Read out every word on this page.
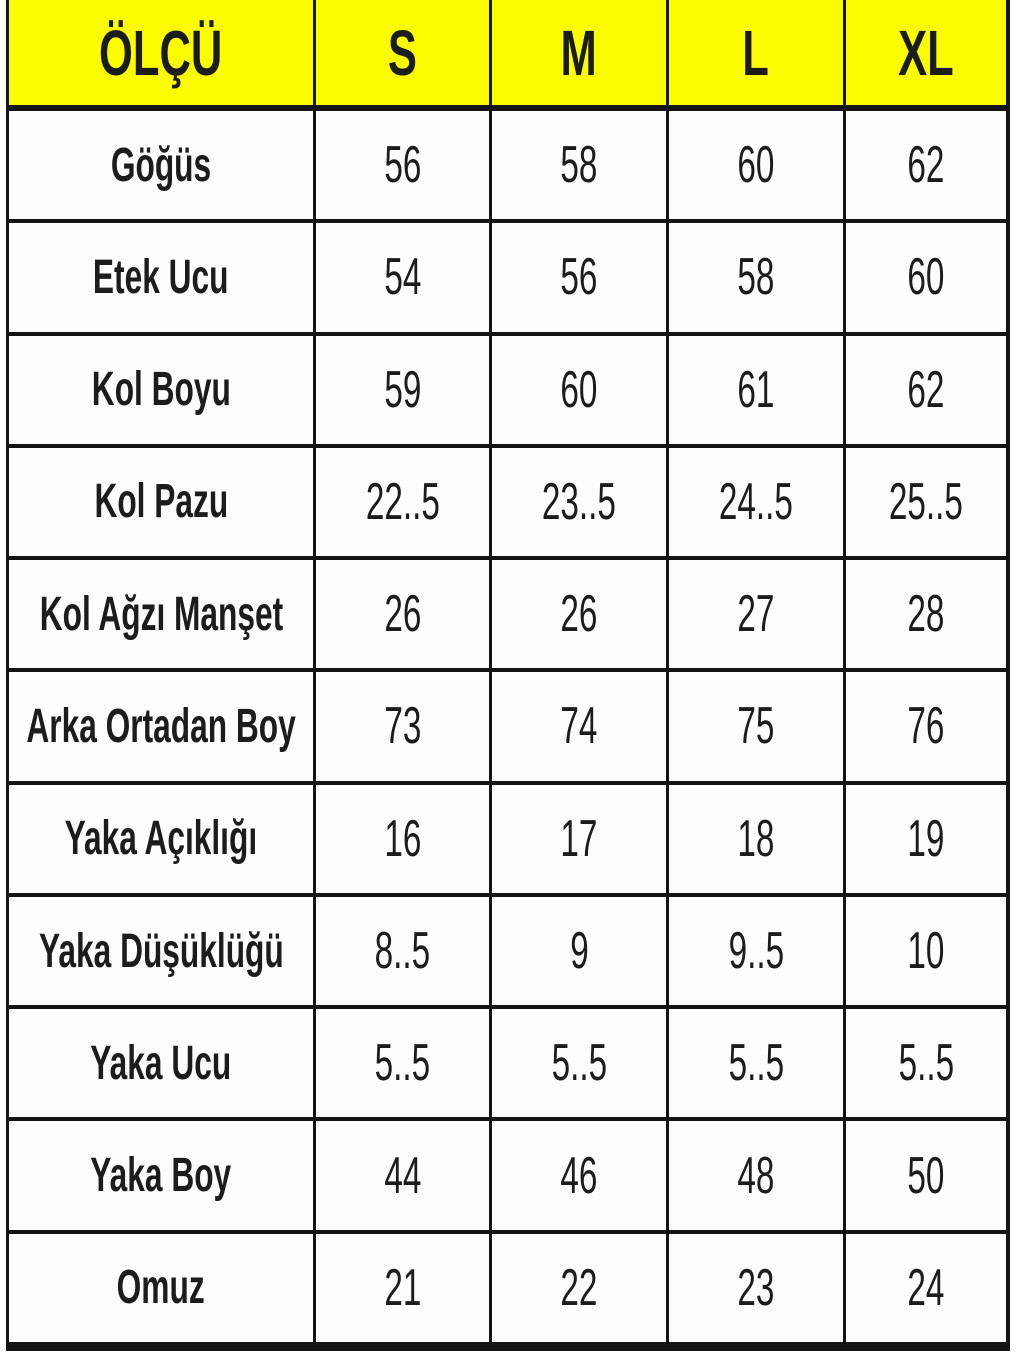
ÖLÇÜ	S M L XL
Göğüs	56	58	60	62
Etek Ucu	54	56	58	60
Kol Boyu	59	60	61	62
Kol Pazu	22..5 23..5 24..5 25..5
Kol Ağzı Manşet 26	26	27	28
Arka Ortadan Boy 73	74	75	76
Yaka Açıklığı 16	17	18	19
Yaka Düşüklüğü 8..5	9	9..5 10
Yaka Ucu	5..5 5..5 5..5 5..5
Yaka Boy	44	46	48	50
Omuz	21	22	23	24
